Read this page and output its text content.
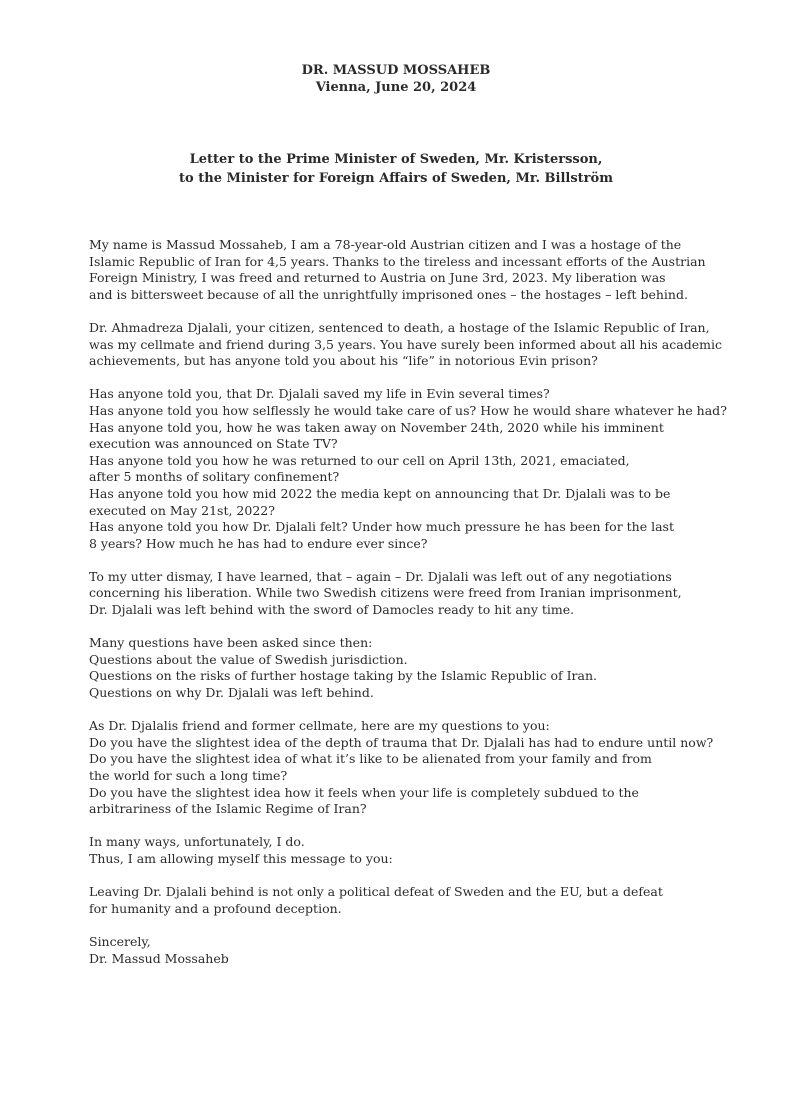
DR. MASSUD MOSSAHEB
Vienna, June 20, 2024
Letter to the Prime Minister of Sweden, Mr. Kristersson,
to the Minister for Foreign Affairs of Sweden, Mr. Billström
My name is Massud Mossaheb, I am a 78-year-old Austrian citizen and I was a hostage of the
Islamic Republic of Iran for 4,5 years. Thanks to the tireless and incessant efforts of the Austrian
Foreign Ministry, I was freed and returned to Austria on June 3rd, 2023. My liberation was
and is bittersweet because of all the unrightfully imprisoned ones – the hostages – left behind.
Dr. Ahmadreza Djalali, your citizen, sentenced to death, a hostage of the Islamic Republic of Iran,
was my cellmate and friend during 3,5 years. You have surely been informed about all his academic
achievements, but has anyone told you about his “life” in notorious Evin prison?
Has anyone told you, that Dr. Djalali saved my life in Evin several times?
Has anyone told you how selflessly he would take care of us? How he would share whatever he had?
Has anyone told you, how he was taken away on November 24th, 2020 while his imminent
execution was announced on State TV?
Has anyone told you how he was returned to our cell on April 13th, 2021, emaciated,
after 5 months of solitary confinement?
Has anyone told you how mid 2022 the media kept on announcing that Dr. Djalali was to be
executed on May 21st, 2022?
Has anyone told you how Dr. Djalali felt? Under how much pressure he has been for the last
8 years? How much he has had to endure ever since?
To my utter dismay, I have learned, that – again – Dr. Djalali was left out of any negotiations
concerning his liberation. While two Swedish citizens were freed from Iranian imprisonment,
Dr. Djalali was left behind with the sword of Damocles ready to hit any time.
Many questions have been asked since then:
Questions about the value of Swedish jurisdiction.
Questions on the risks of further hostage taking by the Islamic Republic of Iran.
Questions on why Dr. Djalali was left behind.
As Dr. Djalalis friend and former cellmate, here are my questions to you:
Do you have the slightest idea of the depth of trauma that Dr. Djalali has had to endure until now?
Do you have the slightest idea of what it’s like to be alienated from your family and from
the world for such a long time?
Do you have the slightest idea how it feels when your life is completely subdued to the
arbitrariness of the Islamic Regime of Iran?
In many ways, unfortunately, I do.
Thus, I am allowing myself this message to you:
Leaving Dr. Djalali behind is not only a political defeat of Sweden and the EU, but a defeat
for humanity and a profound deception.
Sincerely,
Dr. Massud Mossaheb
